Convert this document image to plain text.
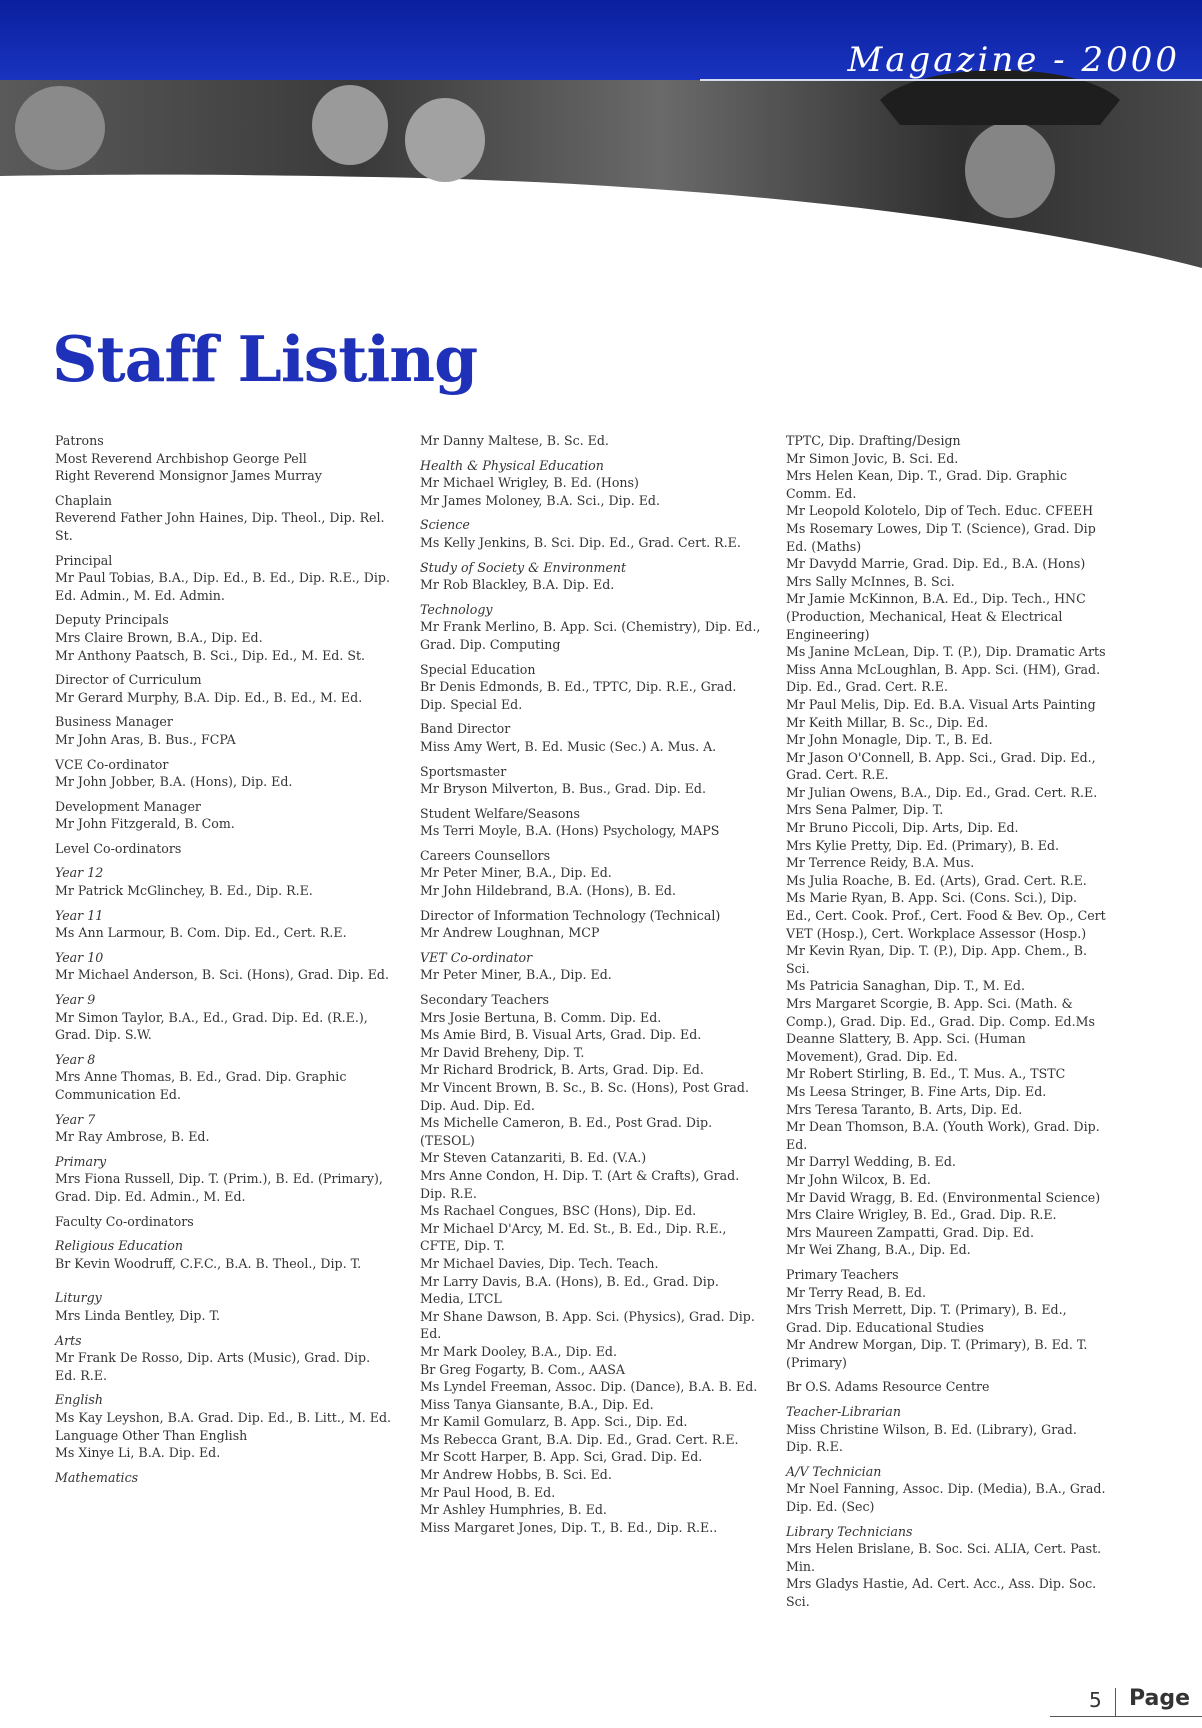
Magazine - 2000
Staff Listing
Patrons
Most Reverend Archbishop George Pell
Right Reverend Monsignor James Murray
Chaplain
Reverend Father John Haines, Dip. Theol., Dip. Rel. St.
Principal
Mr Paul Tobias, B.A., Dip. Ed., B. Ed., Dip. R.E., Dip. Ed. Admin., M. Ed. Admin.
Deputy Principals
Mrs Claire Brown, B.A., Dip. Ed.
Mr Anthony Paatsch, B. Sci., Dip. Ed., M. Ed. St.
Director of Curriculum
Mr Gerard Murphy, B.A. Dip. Ed., B. Ed., M. Ed.
Business Manager
Mr John Aras, B. Bus., FCPA
VCE Co-ordinator
Mr John Jobber, B.A. (Hons), Dip. Ed.
Development Manager
Mr John Fitzgerald, B. Com.
Level Co-ordinators
Year 12
Mr Patrick McGlinchey, B. Ed., Dip. R.E.
Year 11
Ms Ann Larmour, B. Com. Dip. Ed., Cert. R.E.
Year 10
Mr Michael Anderson, B. Sci. (Hons), Grad. Dip. Ed.
Year 9
Mr Simon Taylor, B.A., Ed., Grad. Dip. Ed. (R.E.), Grad. Dip. S.W.
Year 8
Mrs Anne Thomas, B. Ed., Grad. Dip. Graphic Communication Ed.
Year 7
Mr Ray Ambrose, B. Ed.
Primary
Mrs Fiona Russell, Dip. T. (Prim.), B. Ed. (Primary), Grad. Dip. Ed. Admin., M. Ed.
Faculty Co-ordinators
Religious Education
Br Kevin Woodruff, C.F.C., B.A. B. Theol., Dip. T.
Liturgy
Mrs Linda Bentley, Dip. T.
Arts
Mr Frank De Rosso, Dip. Arts (Music), Grad. Dip. Ed. R.E.
English
Ms Kay Leyshon, B.A. Grad. Dip. Ed., B. Litt., M. Ed.
Language Other Than English
Ms Xinye Li, B.A. Dip. Ed.
Mathematics
Mr Danny Maltese, B. Sc. Ed.
Health & Physical Education
Mr Michael Wrigley, B. Ed. (Hons)
Mr James Moloney, B.A. Sci., Dip. Ed.
Science
Ms Kelly Jenkins, B. Sci. Dip. Ed., Grad. Cert. R.E.
Study of Society & Environment
Mr Rob Blackley, B.A. Dip. Ed.
Technology
Mr Frank Merlino, B. App. Sci. (Chemistry), Dip. Ed., Grad. Dip. Computing
Special Education
Br Denis Edmonds, B. Ed., TPTC, Dip. R.E., Grad. Dip. Special Ed.
Band Director
Miss Amy Wert, B. Ed. Music (Sec.) A. Mus. A.
Sportsmaster
Mr Bryson Milverton, B. Bus., Grad. Dip. Ed.
Student Welfare/Seasons
Ms Terri Moyle, B.A. (Hons) Psychology, MAPS
Careers Counsellors
Mr Peter Miner, B.A., Dip. Ed.
Mr John Hildebrand, B.A. (Hons), B. Ed.
Director of Information Technology (Technical)
Mr Andrew Loughnan, MCP
VET Co-ordinator
Mr Peter Miner, B.A., Dip. Ed.
Secondary Teachers
Mrs Josie Bertuna, B. Comm. Dip. Ed.
Ms Amie Bird, B. Visual Arts, Grad. Dip. Ed.
Mr David Breheny, Dip. T.
Mr Richard Brodrick, B. Arts, Grad. Dip. Ed.
Mr Vincent Brown, B. Sc., B. Sc. (Hons), Post Grad. Dip. Aud. Dip. Ed.
Ms Michelle Cameron, B. Ed., Post Grad. Dip. (TESOL)
Mr Steven Catanzariti, B. Ed. (V.A.)
Mrs Anne Condon, H. Dip. T. (Art & Crafts), Grad. Dip. R.E.
Ms Rachael Congues, BSC (Hons), Dip. Ed.
Mr Michael D'Arcy, M. Ed. St., B. Ed., Dip. R.E., CFTE, Dip. T.
Mr Michael Davies, Dip. Tech. Teach.
Mr Larry Davis, B.A. (Hons), B. Ed., Grad. Dip. Media, LTCL
Mr Shane Dawson, B. App. Sci. (Physics), Grad. Dip. Ed.
Mr Mark Dooley, B.A., Dip. Ed.
Br Greg Fogarty, B. Com., AASA
Ms Lyndel Freeman, Assoc. Dip. (Dance), B.A. B. Ed.
Miss Tanya Giansante, B.A., Dip. Ed.
Mr Kamil Gomularz, B. App. Sci., Dip. Ed.
Ms Rebecca Grant, B.A. Dip. Ed., Grad. Cert. R.E.
Mr Scott Harper, B. App. Sci, Grad. Dip. Ed.
Mr Andrew Hobbs, B. Sci. Ed.
Mr Paul Hood, B. Ed.
Mr Ashley Humphries, B. Ed.
Miss Margaret Jones, Dip. T., B. Ed., Dip. R.E..
TPTC, Dip. Drafting/Design
Mr Simon Jovic, B. Sci. Ed.
Mrs Helen Kean, Dip. T., Grad. Dip. Graphic Comm. Ed.
Mr Leopold Kolotelo, Dip of Tech. Educ. CFEEH
Ms Rosemary Lowes, Dip T. (Science), Grad. Dip Ed. (Maths)
Mr Davydd Marrie, Grad. Dip. Ed., B.A. (Hons)
Mrs Sally McInnes, B. Sci.
Mr Jamie McKinnon, B.A. Ed., Dip. Tech., HNC (Production, Mechanical, Heat & Electrical Engineering)
Ms Janine McLean, Dip. T. (P.), Dip. Dramatic Arts
Miss Anna McLoughlan, B. App. Sci. (HM), Grad. Dip. Ed., Grad. Cert. R.E.
Mr Paul Melis, Dip. Ed. B.A. Visual Arts Painting
Mr Keith Millar, B. Sc., Dip. Ed.
Mr John Monagle, Dip. T., B. Ed.
Mr Jason O'Connell, B. App. Sci., Grad. Dip. Ed., Grad. Cert. R.E.
Mr Julian Owens, B.A., Dip. Ed., Grad. Cert. R.E.
Mrs Sena Palmer, Dip. T.
Mr Bruno Piccoli, Dip. Arts, Dip. Ed.
Mrs Kylie Pretty, Dip. Ed. (Primary), B. Ed.
Mr Terrence Reidy, B.A. Mus.
Ms Julia Roache, B. Ed. (Arts), Grad. Cert. R.E.
Ms Marie Ryan, B. App. Sci. (Cons. Sci.), Dip. Ed., Cert. Cook. Prof., Cert. Food & Bev. Op., Cert VET (Hosp.), Cert. Workplace Assessor (Hosp.)
Mr Kevin Ryan, Dip. T. (P.), Dip. App. Chem., B. Sci.
Ms Patricia Sanaghan, Dip. T., M. Ed.
Mrs Margaret Scorgie, B. App. Sci. (Math. & Comp.), Grad. Dip. Ed., Grad. Dip. Comp. Ed.Ms Deanne Slattery, B. App. Sci. (Human Movement), Grad. Dip. Ed.
Mr Robert Stirling, B. Ed., T. Mus. A., TSTC
Ms Leesa Stringer, B. Fine Arts, Dip. Ed.
Mrs Teresa Taranto, B. Arts, Dip. Ed.
Mr Dean Thomson, B.A. (Youth Work), Grad. Dip. Ed.
Mr Darryl Wedding, B. Ed.
Mr John Wilcox, B. Ed.
Mr David Wragg, B. Ed. (Environmental Science)
Mrs Claire Wrigley, B. Ed., Grad. Dip. R.E.
Mrs Maureen Zampatti, Grad. Dip. Ed.
Mr Wei Zhang, B.A., Dip. Ed.
Primary Teachers
Mr Terry Read, B. Ed.
Mrs Trish Merrett, Dip. T. (Primary), B. Ed., Grad. Dip. Educational Studies
Mr Andrew Morgan, Dip. T. (Primary), B. Ed. T. (Primary)
Br O.S. Adams Resource Centre
Teacher-Librarian
Miss Christine Wilson, B. Ed. (Library), Grad. Dip. R.E.
A/V Technician
Mr Noel Fanning, Assoc. Dip. (Media), B.A., Grad. Dip. Ed. (Sec)
Library Technicians
Mrs Helen Brislane, B. Soc. Sci. ALIA, Cert. Past. Min.
Mrs Gladys Hastie, Ad. Cert. Acc., Ass. Dip. Soc. Sci.
5 Page
